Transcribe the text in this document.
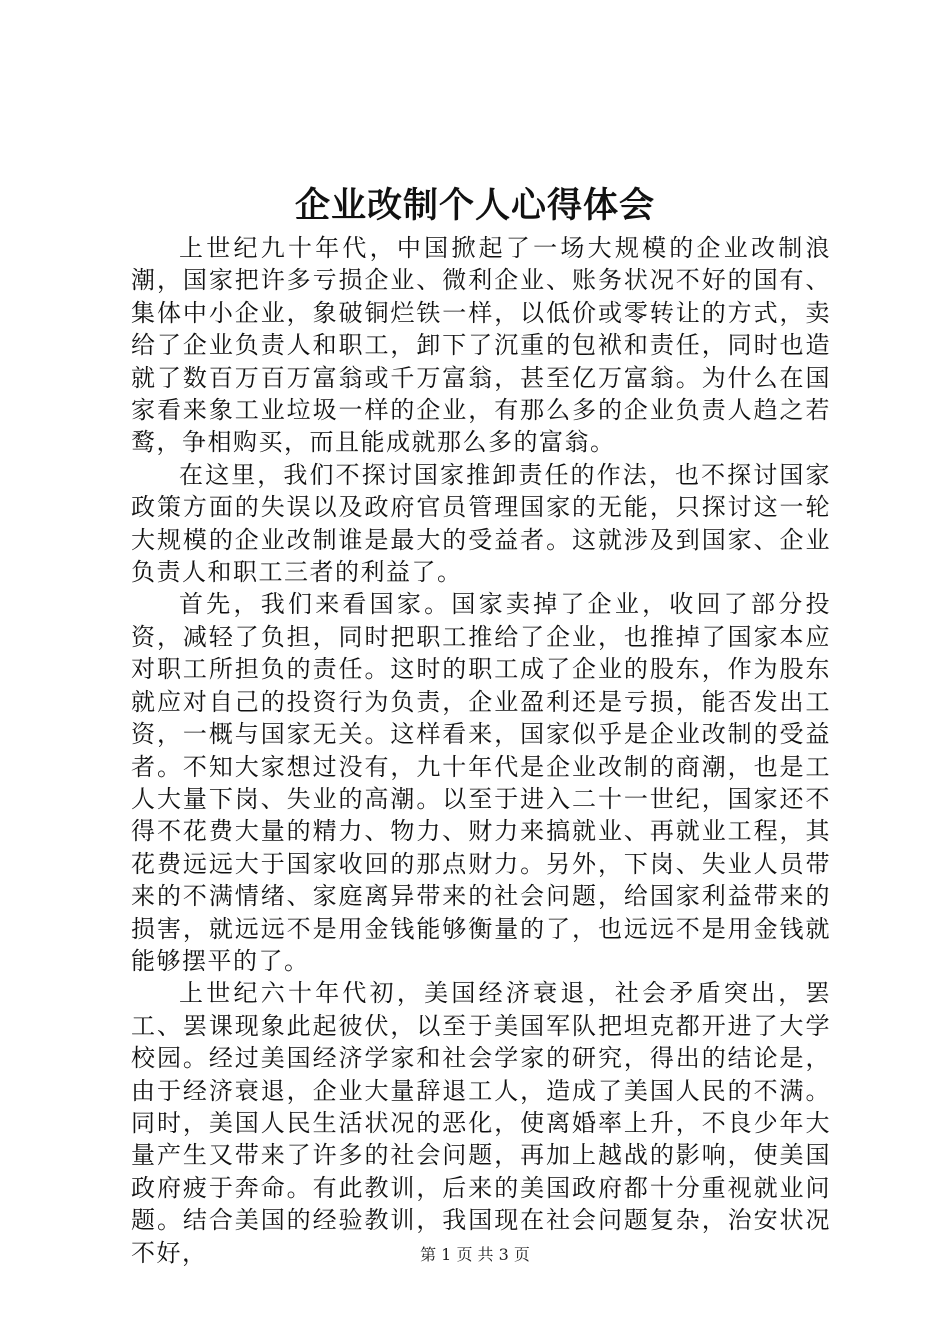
企业改制个人心得体会

上世纪九十年代，中国掀起了一场大规模的企业改制浪潮，国家把许多亏损企业、微利企业、账务状况不好的国有、集体中小企业，象破铜烂铁一样，以低价或零转让的方式，卖给了企业负责人和职工，卸下了沉重的包袱和责任，同时也造就了数百万百万富翁或千万富翁，甚至亿万富翁。为什么在国家看来象工业垃圾一样的企业，有那么多的企业负责人趋之若鹜，争相购买，而且能成就那么多的富翁。

在这里，我们不探讨国家推卸责任的作法，也不探讨国家政策方面的失误以及政府官员管理国家的无能，只探讨这一轮大规模的企业改制谁是最大的受益者。这就涉及到国家、企业负责人和职工三者的利益了。

首先，我们来看国家。国家卖掉了企业，收回了部分投资，减轻了负担，同时把职工推给了企业，也推掉了国家本应对职工所担负的责任。这时的职工成了企业的股东，作为股东就应对自己的投资行为负责，企业盈利还是亏损，能否发出工资，一概与国家无关。这样看来，国家似乎是企业改制的受益者。不知大家想过没有，九十年代是企业改制的商潮，也是工人大量下岗、失业的高潮。以至于进入二十一世纪，国家还不得不花费大量的精力、物力、财力来搞就业、再就业工程，其花费远远大于国家收回的那点财力。另外，下岗、失业人员带来的不满情绪、家庭离异带来的社会问题，给国家利益带来的损害，就远远不是用金钱能够衡量的了，也远远不是用金钱就能够摆平的了。

上世纪六十年代初，美国经济衰退，社会矛盾突出，罢工、罢课现象此起彼伏，以至于美国军队把坦克都开进了大学校园。经过美国经济学家和社会学家的研究，得出的结论是，由于经济衰退，企业大量辞退工人，造成了美国人民的不满。同时，美国人民生活状况的恶化，使离婚率上升，不良少年大量产生又带来了许多的社会问题，再加上越战的影响，使美国政府疲于奔命。有此教训，后来的美国政府都十分重视就业问题。结合美国的经验教训，我国现在社会问题复杂，治安状况不好，	第 1 页 共 3 页
